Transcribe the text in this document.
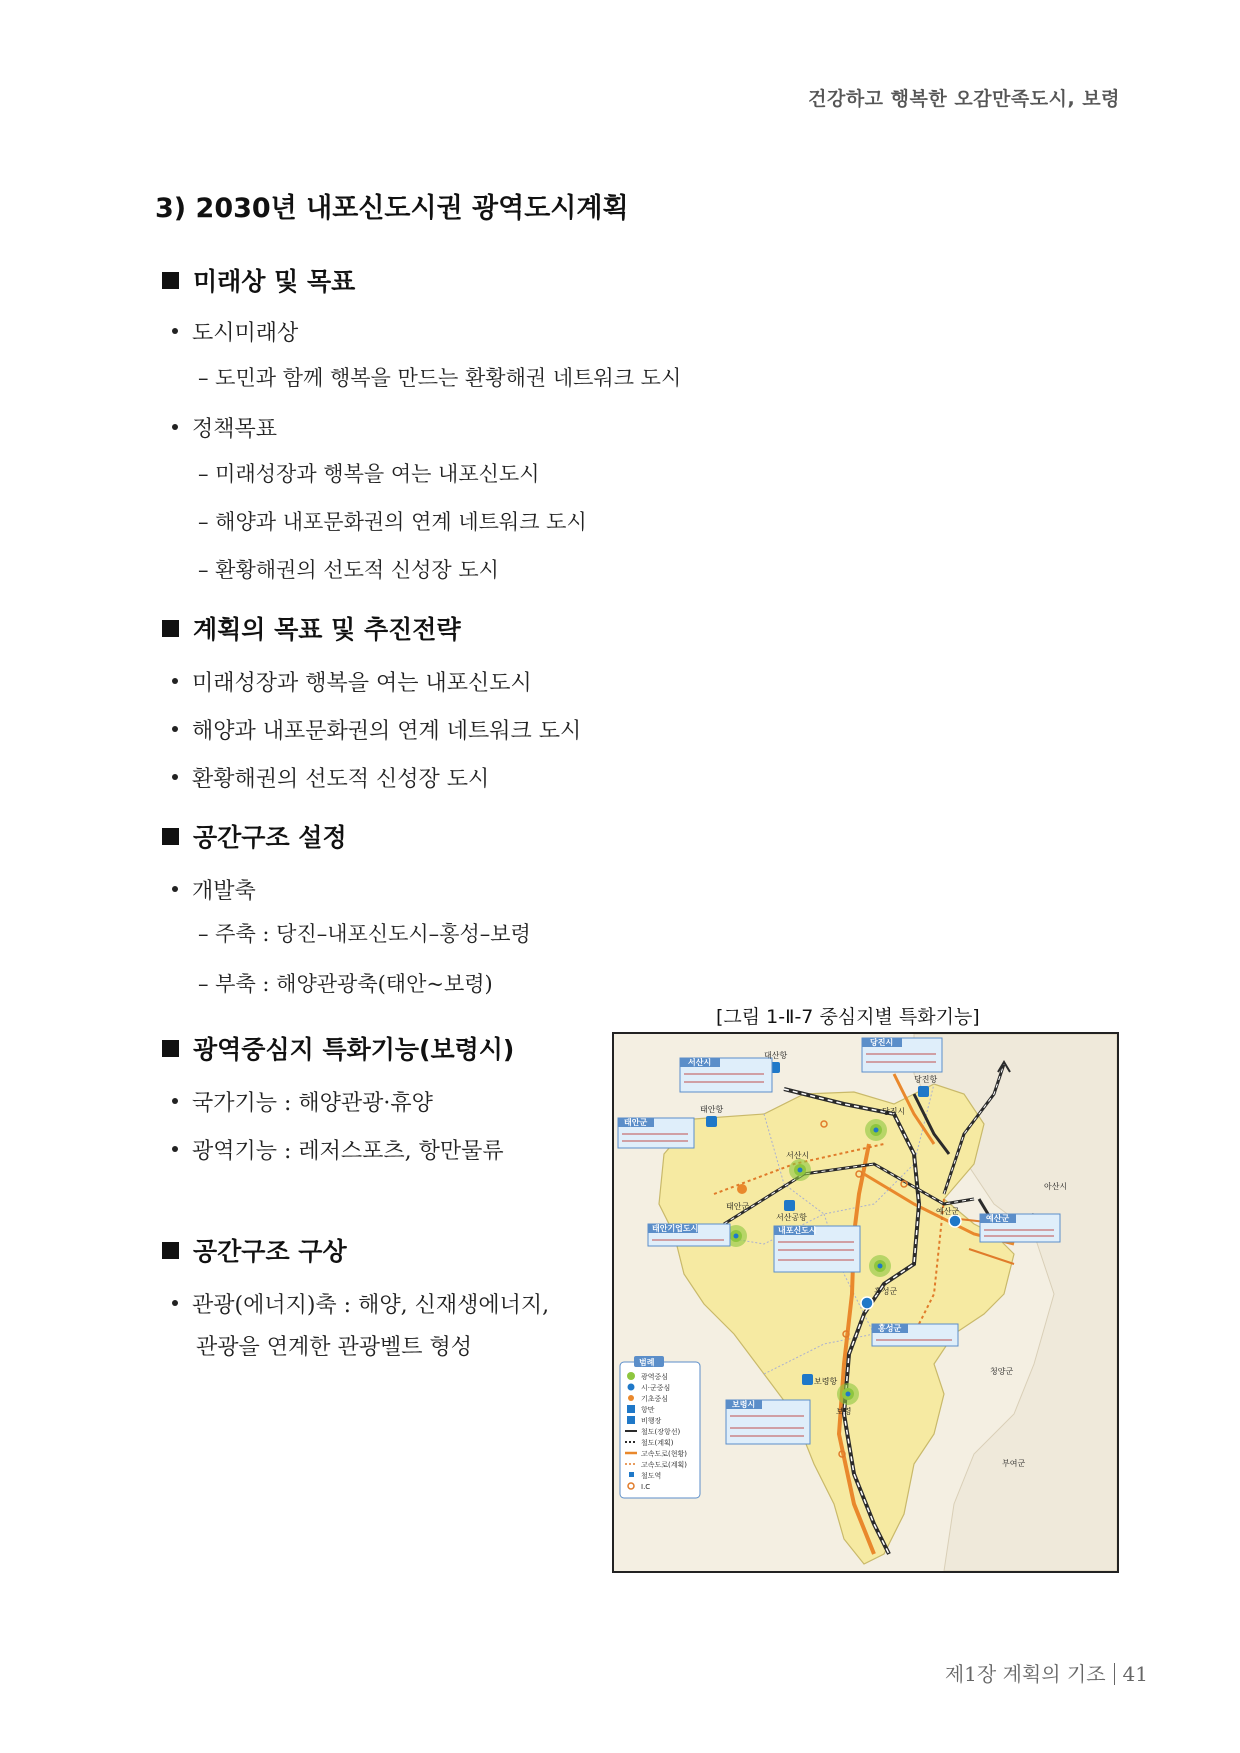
건강하고 행복한 오감만족도시, 보령
3) 2030년 내포신도시권 광역도시계획
미래상 및 목표
도시미래상
– 도민과 함께 행복을 만드는 환황해권 네트워크 도시
정책목표
– 미래성장과 행복을 여는 내포신도시
– 해양과 내포문화권의 연계 네트워크 도시
– 환황해권의 선도적 신성장 도시
계획의 목표 및 추진전략
미래성장과 행복을 여는 내포신도시
해양과 내포문화권의 연계 네트워크 도시
환황해권의 선도적 신성장 도시
공간구조 설정
개발축
– 주축 : 당진–내포신도시–홍성–보령
– 부축 : 해양관광축(태안~보령)
광역중심지 특화기능(보령시)
국가기능 : 해양관광·휴양
광역기능 : 레저스포츠, 항만물류
공간구조 구상
관광(에너지)축 : 해양, 신재생에너지,
관광을 연계한 관광벨트 형성
[그림 1-Ⅱ-7 중심지별 특화기능]
당진시
서산시
대산항
당진항
당진시
태안군
태안항
서산시
아산시
태안군
서산공항
예산군
예산군
태안기업도시	내포신도시
홍성군
홍성군
청양군
보령항
보령시
보령
부여군
범례
광역중심
시·군중심
기초중심
항만
비행장
철도(장항선)
철도(계획)
고속도로(현황)
고속도로(계획)
철도역
I.C
제1장 계획의 기조 41
